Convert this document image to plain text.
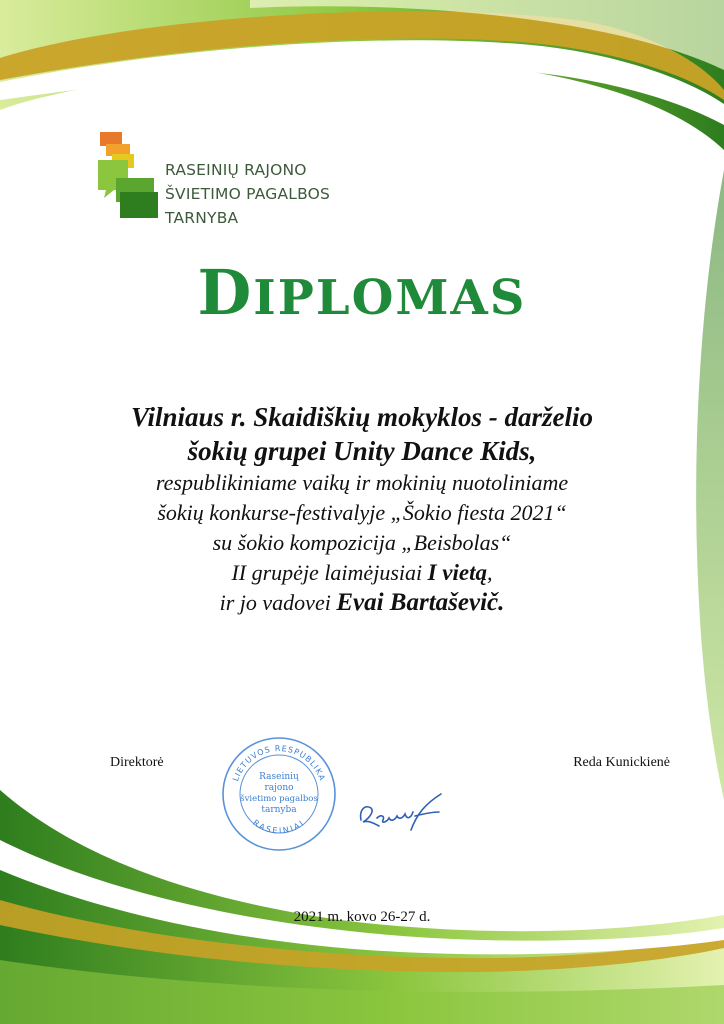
RASEINIŲ RAJONO
ŠVIETIMO PAGALBOS
TARNYBA
DIPLOMAS
Vilniaus r. Skaidiškių mokyklos - darželio
šokių grupei Unity Dance Kids,
respublikiniame vaikų ir mokinių nuotoliniame
šokių konkurse-festivalyje „Šokio fiesta 2021“
su šokio kompozicija „Beisbolas“
II grupėje laimėjusiai I vietą,
ir jo vadovei Evai Bartaševič.
Direktorė	Reda Kunickienė
LIETUVOS RESPUBLIKA
RASEINIAI
Raseinių
rajono
švietimo pagalbos
tarnyba
2021 m. kovo 26-27 d.
